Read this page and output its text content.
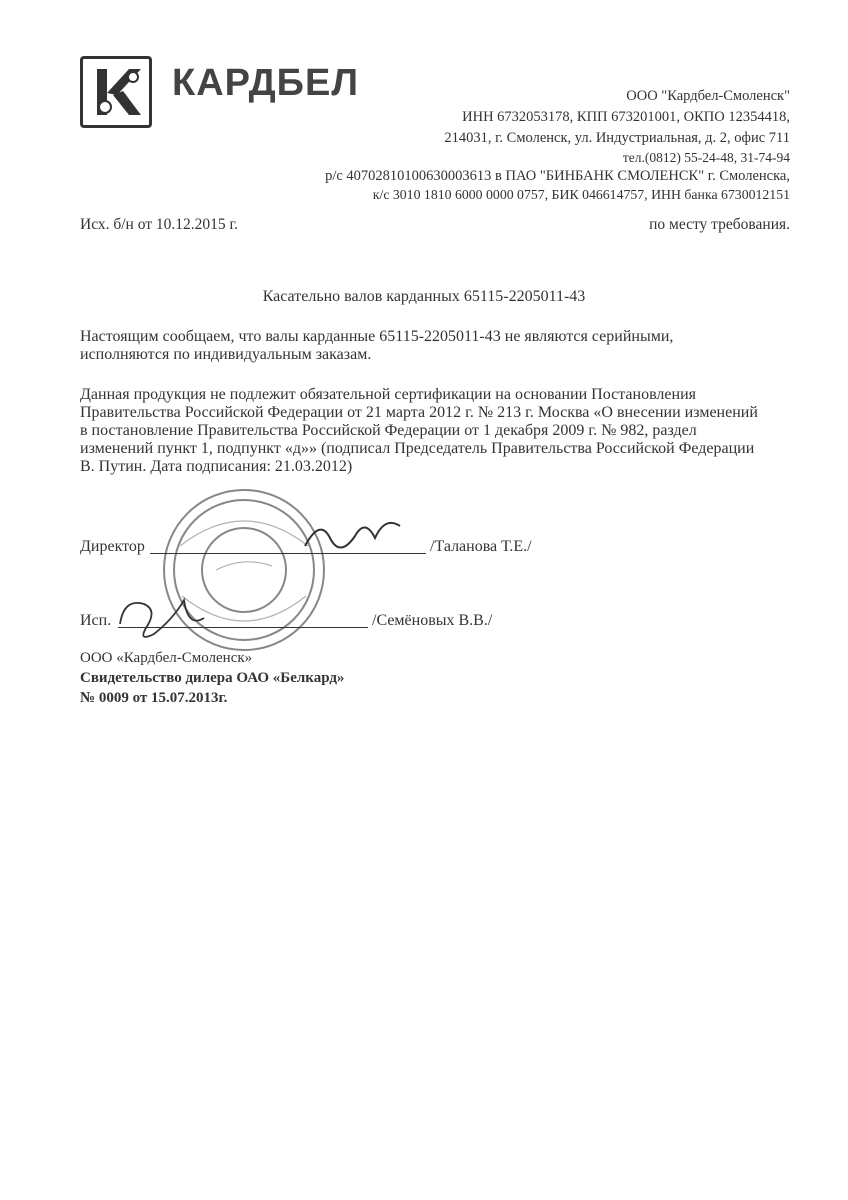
КАРДБЕЛ	ООО "Кардбел-Смоленск"
ИНН 6732053178, КПП 673201001, ОКПО 12354418,
214031, г. Смоленск, ул. Индустриальная, д. 2, офис 711
тел.(0812) 55-24-48, 31-74-94
р/с 40702810100630003613 в ПАО "БИНБАНК СМОЛЕНСК" г. Смоленска,
к/с 3010 1810 6000 0000 0757, БИК 046614757, ИНН банка 6730012151
Исх. б/н от 10.12.2015 г.	по месту требования.
Касательно валов карданных 65115-2205011-43
Настоящим сообщаем, что валы карданные 65115-2205011-43 не являются серийными,
исполняются по индивидуальным заказам.
Данная продукция не подлежит обязательной сертификации на основании Постановления
Правительства Российской Федерации от 21 марта 2012 г. № 213 г. Москва «О внесении изменений
в постановление Правительства Российской Федерации от 1 декабря 2009 г. № 982, раздел
изменений пункт 1, подпункт «д»» (подписал Председатель Правительства Российской Федерации
В. Путин. Дата подписания: 21.03.2012)
Директор	/Таланова Т.Е./
Исп.	/Семёновых В.В./
ООО «Кардбел-Смоленск»
Свидетельство дилера ОАО «Белкард»
№ 0009 от 15.07.2013г.
